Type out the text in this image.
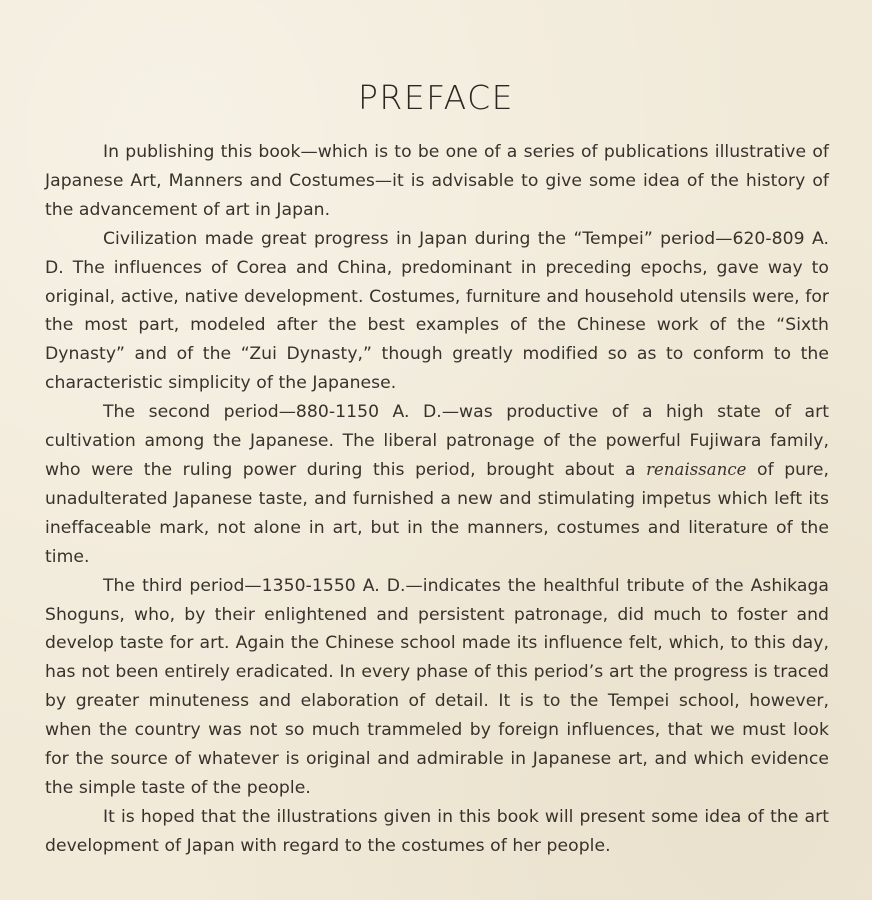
PREFACE

In publishing this book—which is to be one of a series of publications illustrative of Japanese Art, Manners and Costumes—it is advisable to give some idea of the history of the advancement of art in Japan.

Civilization made great progress in Japan during the “Tempei” period—620-809 A. D. The influences of Corea and China, predominant in preceding epochs, gave way to original, active, native development. Costumes, furniture and household utensils were, for the most part, modeled after the best examples of the Chinese work of the “Sixth Dynasty” and of the “Zui Dynasty,” though greatly modified so as to conform to the characteristic simplicity of the Japanese.

The second period—880-1150 A. D.—was productive of a high state of art cultivation among the Japanese. The liberal patronage of the powerful Fujiwara family, who were the ruling power during this period, brought about a renaissance of pure, unadulterated Japanese taste, and furnished a new and stimulating impetus which left its ineffaceable mark, not alone in art, but in the manners, costumes and literature of the time.

The third period—1350-1550 A. D.—indicates the healthful tribute of the Ashikaga Shoguns, who, by their enlightened and persistent patronage, did much to foster and develop taste for art. Again the Chinese school made its influence felt, which, to this day, has not been entirely eradicated. In every phase of this period’s art the progress is traced by greater minuteness and elaboration of detail. It is to the Tempei school, however, when the country was not so much trammeled by foreign influences, that we must look for the source of whatever is original and admirable in Japanese art, and which evidence the simple taste of the people.

It is hoped that the illustrations given in this book will present some idea of the art development of Japan with regard to the costumes of her people.
